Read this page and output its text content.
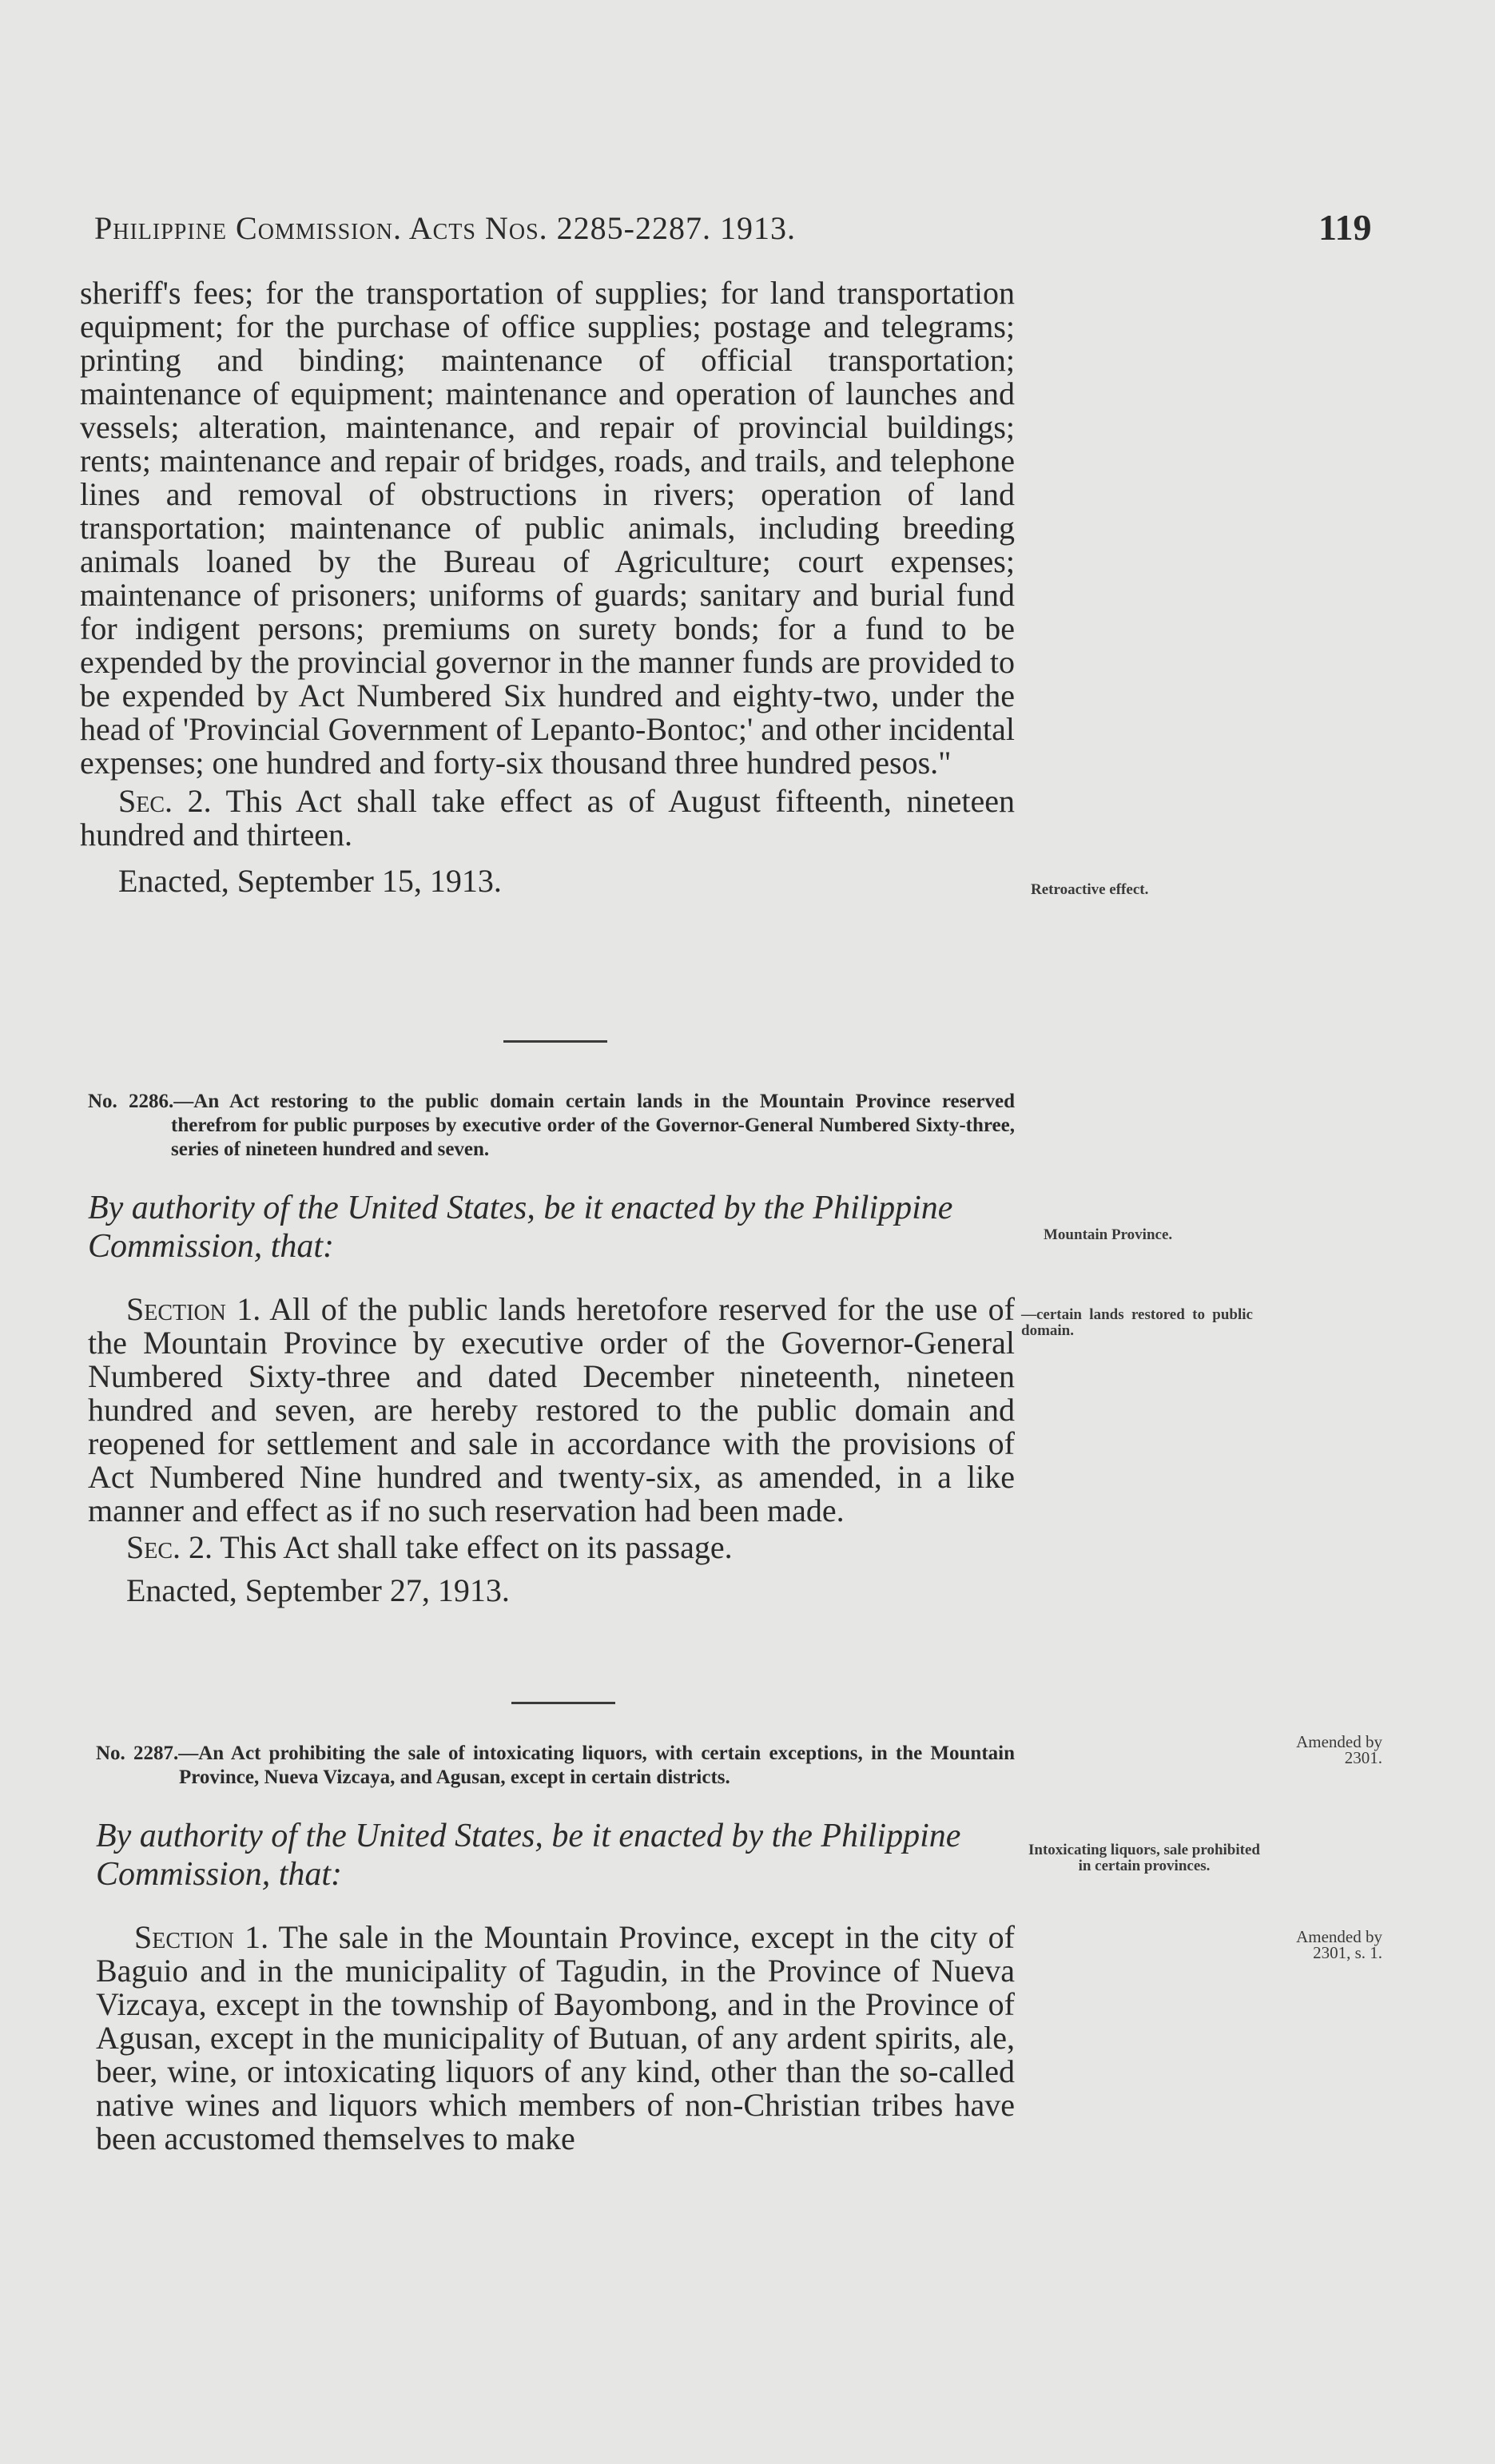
Philippine Commission. Acts Nos. 2285-2287. 1913.	119

sheriff's fees; for the transportation of supplies; for land transportation equipment; for the purchase of office supplies; postage and telegrams; printing and binding; maintenance of official transportation; maintenance of equipment; maintenance and operation of launches and vessels; alteration, maintenance, and repair of provincial buildings; rents; maintenance and repair of bridges, roads, and trails, and telephone lines and removal of obstructions in rivers; operation of land transportation; maintenance of public animals, including breeding animals loaned by the Bureau of Agriculture; court expenses; maintenance of prisoners; uniforms of guards; sanitary and burial fund for indigent persons; premiums on surety bonds; for a fund to be expended by the provincial governor in the manner funds are provided to be expended by Act Numbered Six hundred and eighty-two, under the head of 'Provincial Government of Lepanto-Bontoc;' and other incidental expenses; one hundred and forty-six thousand three hundred pesos."

Sec. 2. This Act shall take effect as of August fifteenth, nineteen hundred and thirteen.

Enacted, September 15, 1913.

No. 2286.—An Act restoring to the public domain certain lands in the Mountain Province reserved therefrom for public purposes by executive order of the Governor-General Numbered Sixty-three, series of nineteen hundred and seven.

By authority of the United States, be it enacted by the Philippine Commission, that:

Section 1. All of the public lands heretofore reserved for the use of the Mountain Province by executive order of the Governor-General Numbered Sixty-three and dated December nineteenth, nineteen hundred and seven, are hereby restored to the public domain and reopened for settlement and sale in accordance with the provisions of Act Numbered Nine hundred and twenty-six, as amended, in a like manner and effect as if no such reservation had been made.

Sec. 2. This Act shall take effect on its passage.

Enacted, September 27, 1913.

No. 2287.—An Act prohibiting the sale of intoxicating liquors, with certain exceptions, in the Mountain Province, Nueva Vizcaya, and Agusan, except in certain districts.

By authority of the United States, be it enacted by the Philippine Commission, that:

Section 1. The sale in the Mountain Province, except in the city of Baguio and in the municipality of Tagudin, in the Province of Nueva Vizcaya, except in the township of Bayombong, and in the Province of Agusan, except in the municipality of Butuan, of any ardent spirits, ale, beer, wine, or intoxicating liquors of any kind, other than the so-called native wines and liquors which members of non-Christian tribes have been accustomed themselves to make

Retroactive effect.
Mountain Province.
—certain lands restored to public domain.
Amended by 2301.
Intoxicating liquors, sale prohibited in certain provinces.
Amended by 2301, s. 1.
